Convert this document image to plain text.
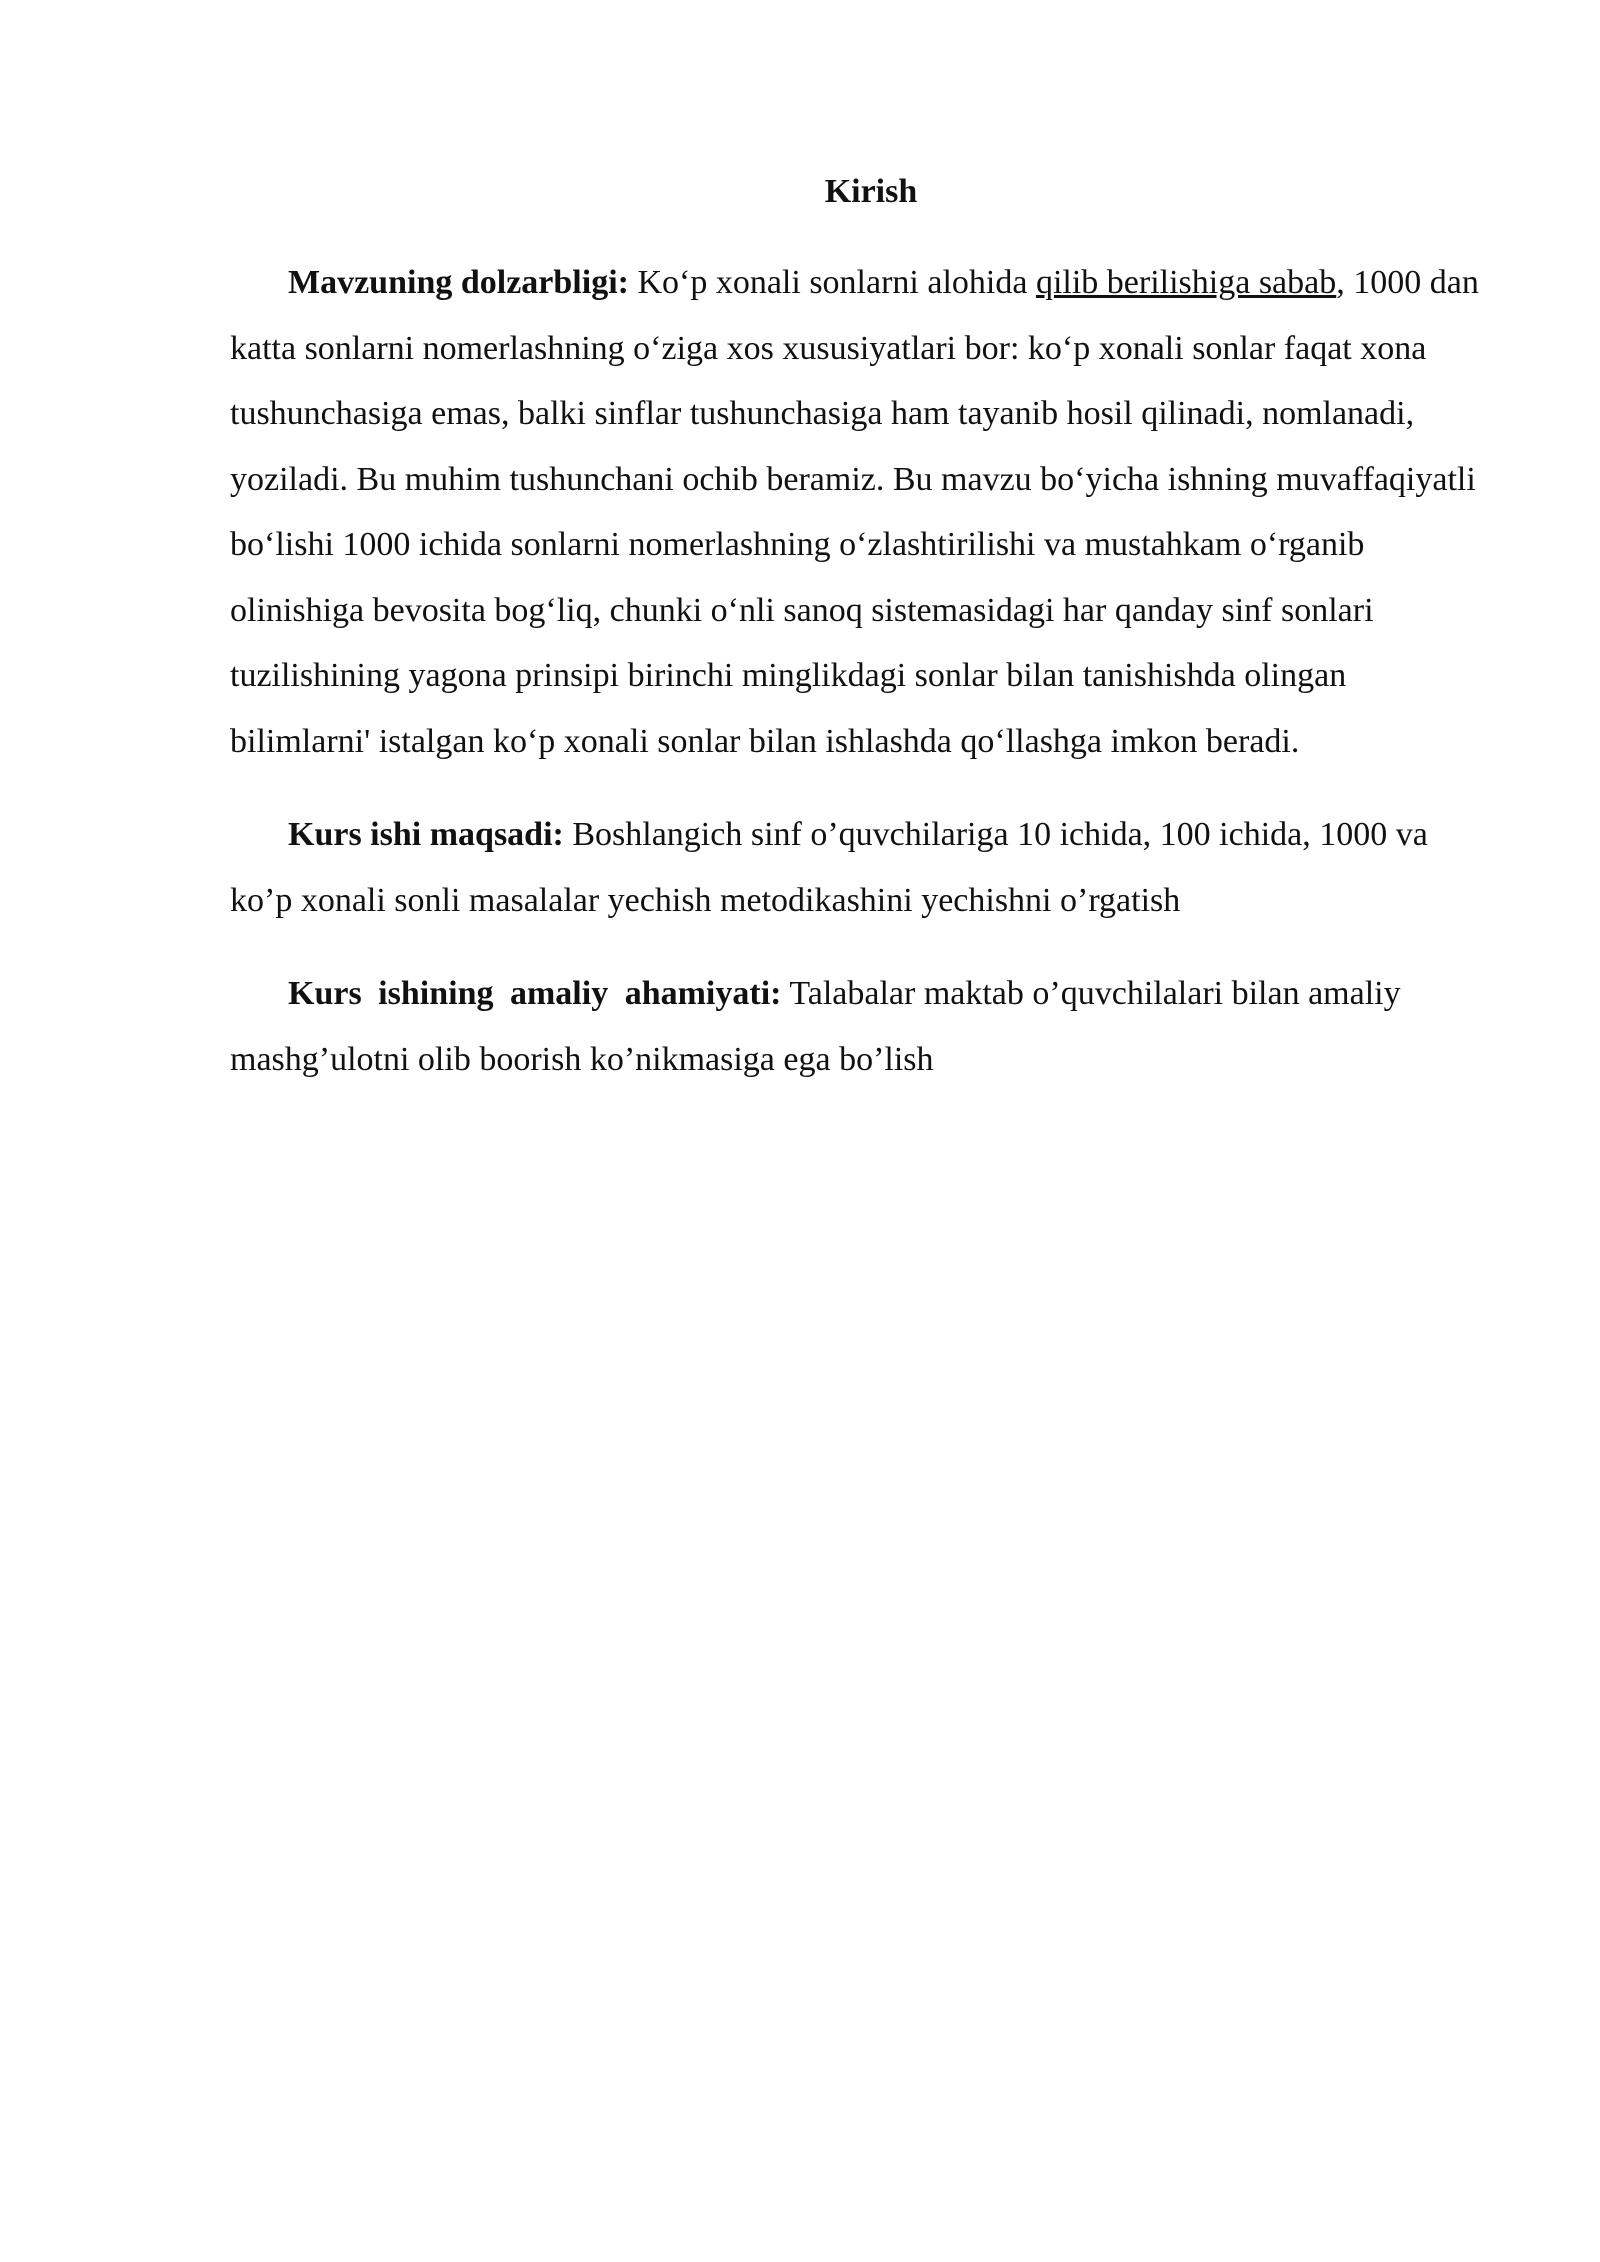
Kirish

Mavzuning dolzarbligi: Ko‘p xonali sonlarni alohida qilib berilishiga sabab, 1000 dan katta sonlarni nomerlashning o‘ziga xos xususiyatlari bor: ko‘p xonali sonlar faqat xona tushunchasiga emas, balki sinflar tushunchasiga ham tayanib hosil qilinadi, nomlanadi, yoziladi. Bu muhim tushunchani ochib beramiz. Bu mavzu bo‘yicha ishning muvaffaqiyatli bo‘lishi 1000 ichida sonlarni nomerlashning o‘zlashtirilishi va mustahkam o‘rganib olinishiga bevosita bog‘liq, chunki o‘nli sanoq sistemasidagi har qanday sinf sonlari tuzilishining yagona prinsipi birinchi minglikdagi sonlar bilan tanishishda olingan bilimlarni' istalgan ko‘p xonali sonlar bilan ishlashda qo‘llashga imkon beradi.

Kurs ishi maqsadi: Boshlangich sinf o’quvchilariga 10 ichida, 100 ichida, 1000 va ko’p xonali sonli masalalar yechish metodikashini yechishni o’rgatish

Kurs ishining amaliy ahamiyati: Talabalar maktab o’quvchilalari bilan amaliy mashg’ulotni olib boorish ko’nikmasiga ega bo’lish
